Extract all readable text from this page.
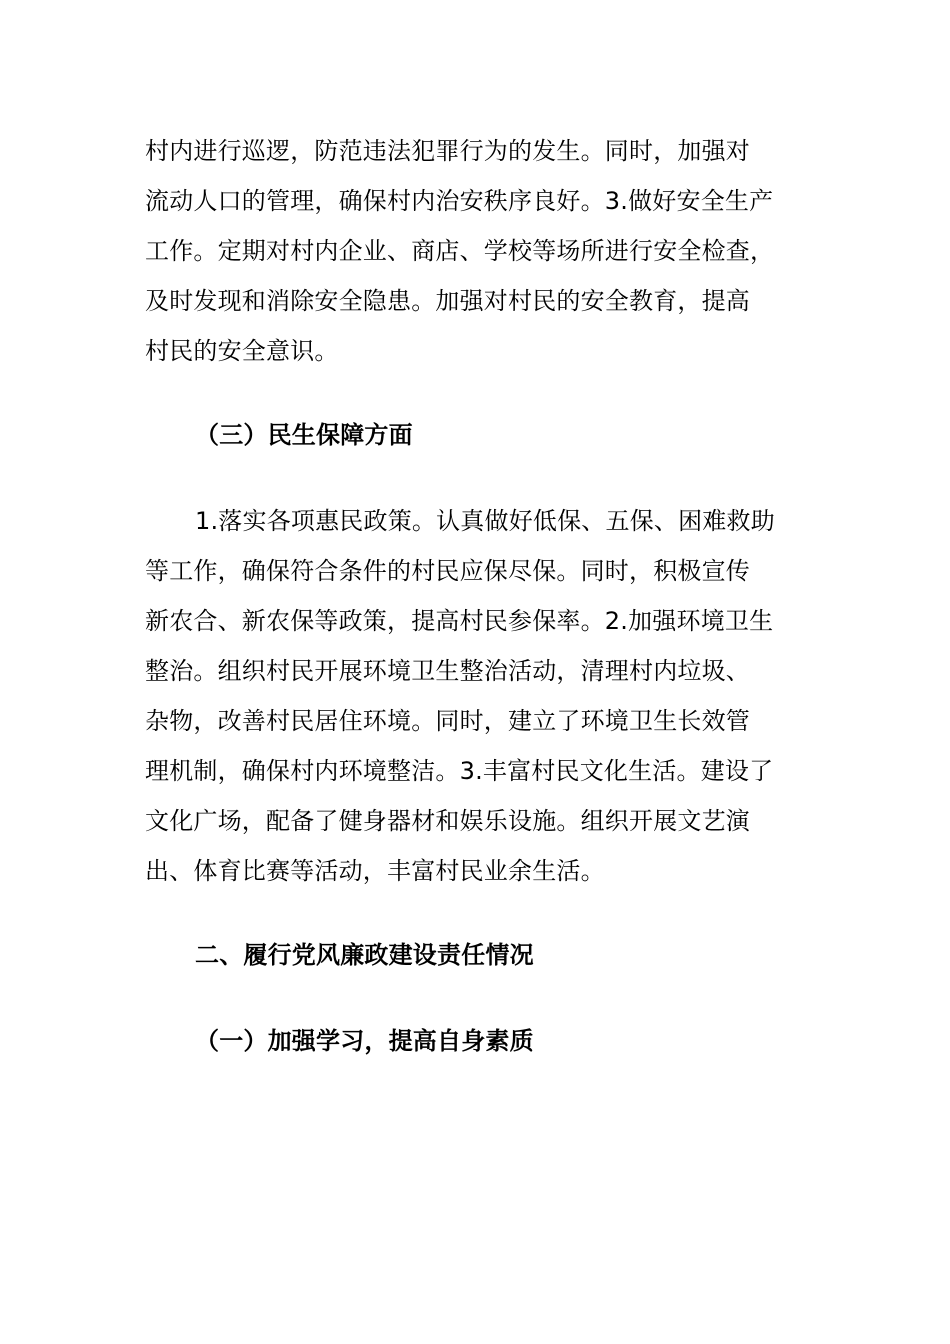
村内进行巡逻，防范违法犯罪行为的发生。同时，加强对
流动人口的管理，确保村内治安秩序良好。3.做好安全生产
工作。定期对村内企业、商店、学校等场所进行安全检查，
及时发现和消除安全隐患。加强对村民的安全教育，提高
村民的安全意识。
（三）民生保障方面
1.落实各项惠民政策。认真做好低保、五保、困难救助
等工作，确保符合条件的村民应保尽保。同时，积极宣传
新农合、新农保等政策，提高村民参保率。2.加强环境卫生
整治。组织村民开展环境卫生整治活动，清理村内垃圾、
杂物，改善村民居住环境。同时，建立了环境卫生长效管
理机制，确保村内环境整洁。3.丰富村民文化生活。建设了
文化广场，配备了健身器材和娱乐设施。组织开展文艺演
出、体育比赛等活动，丰富村民业余生活。
二、履行党风廉政建设责任情况
（一）加强学习，提高自身素质
